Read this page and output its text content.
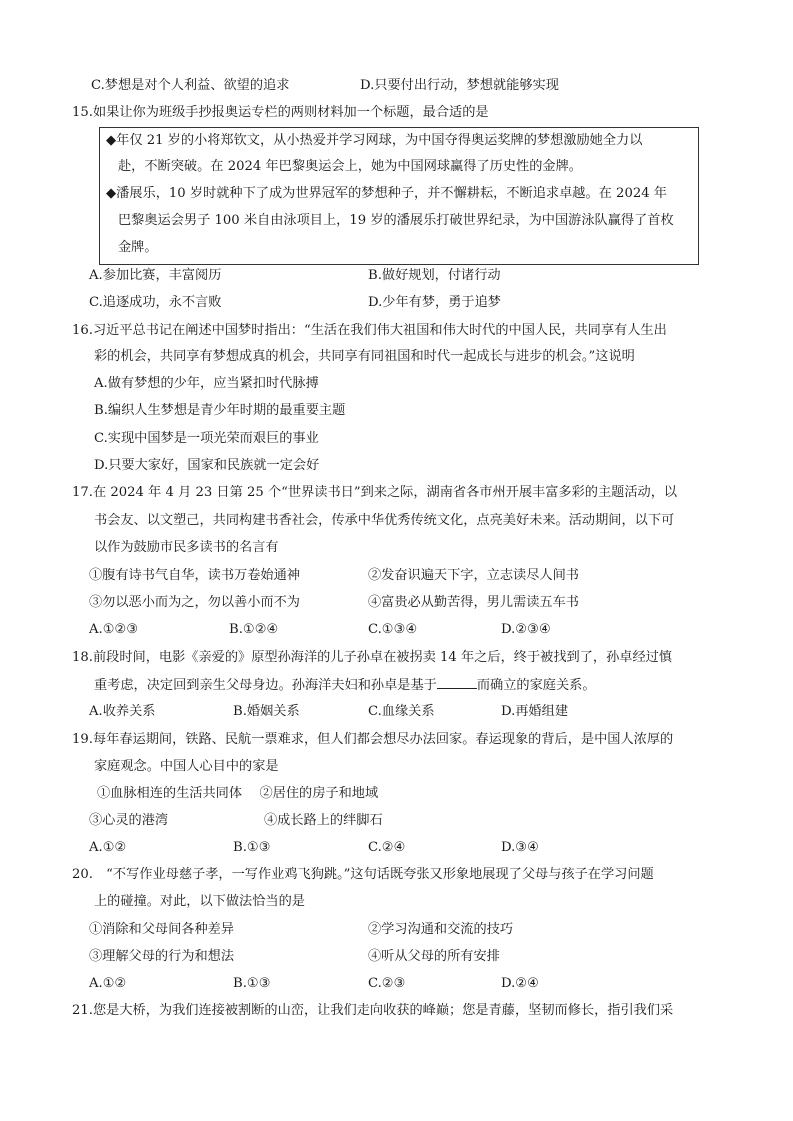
C.梦想是对个人利益、欲望的追求	D.只要付出行动，梦想就能够实现
15.如果让你为班级手抄报奥运专栏的两则材料加一个标题，最合适的是
◆年仅 21 岁的小将郑钦文，从小热爱并学习网球，为中国夺得奥运奖牌的梦想激励她全力以
赴，不断突破。在 2024 年巴黎奥运会上，她为中国网球赢得了历史性的金牌。
◆潘展乐，10 岁时就种下了成为世界冠军的梦想种子，并不懈耕耘，不断追求卓越。在 2024 年
巴黎奥运会男子 100 米自由泳项目上，19 岁的潘展乐打破世界纪录，为中国游泳队赢得了首枚
金牌。
A.参加比赛，丰富阅历	B.做好规划，付诸行动
C.追逐成功，永不言败	D.少年有梦，勇于追梦
16.习近平总书记在阐述中国梦时指出：“生活在我们伟大祖国和伟大时代的中国人民，共同享有人生出
彩的机会，共同享有梦想成真的机会，共同享有同祖国和时代一起成长与进步的机会。”这说明
A.做有梦想的少年，应当紧扣时代脉搏
B.编织人生梦想是青少年时期的最重要主题
C.实现中国梦是一项光荣而艰巨的事业
D.只要大家好，国家和民族就一定会好
17.在 2024 年 4 月 23 日第 25 个“世界读书日”到来之际，湖南省各市州开展丰富多彩的主题活动，以
书会友、以文塑己，共同构建书香社会，传承中华优秀传统文化，点亮美好未来。活动期间，以下可
以作为鼓励市民多读书的名言有
①腹有诗书气自华，读书万卷始通神	②发奋识遍天下字，立志读尽人间书
③勿以恶小而为之，勿以善小而不为	④富贵必从勤苦得，男儿需读五车书
A.①②③	B.①②④	C.①③④	D.②③④
18.前段时间，电影《亲爱的》原型孙海洋的儿子孙卓在被拐卖 14 年之后，终于被找到了，孙卓经过慎
重考虑，决定回到亲生父母身边。孙海洋夫妇和孙卓是基于	而确立的家庭关系。
A.收养关系	B.婚姻关系	C.血缘关系	D.再婚组建
19.每年春运期间，铁路、民航一票难求，但人们都会想尽办法回家。春运现象的背后，是中国人浓厚的
家庭观念。中国人心目中的家是
①血脉相连的生活共同体　 ②居住的房子和地域
③心灵的港湾	④成长路上的绊脚石
A.①②	B.①③	C.②④	D.③④
20.　“不写作业母慈子孝，一写作业鸡飞狗跳。”这句话既夸张又形象地展现了父母与孩子在学习问题
上的碰撞。对此，以下做法恰当的是
①消除和父母间各种差异	②学习沟通和交流的技巧
③理解父母的行为和想法	④听从父母的所有安排
A.①②	B.①③	C.②③	D.②④
21.您是大桥，为我们连接被割断的山峦，让我们走向收获的峰巅；您是青藤，坚韧而修长，指引我们采
